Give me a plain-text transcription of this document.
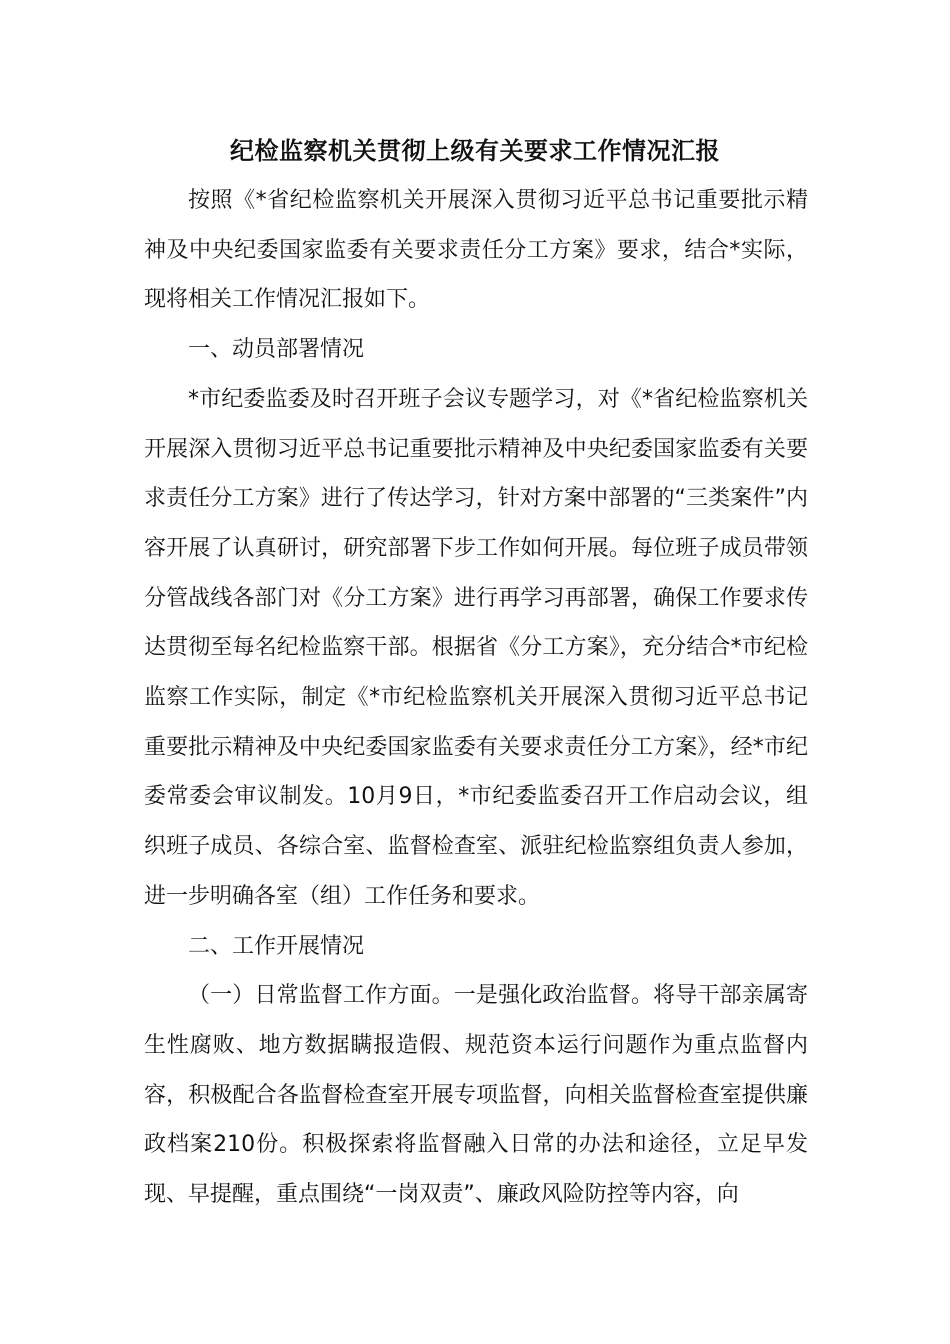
纪检监察机关贯彻上级有关要求工作情况汇报

按照《*省纪检监察机关开展深入贯彻习近平总书记重要批示精神及中央纪委国家监委有关要求责任分工方案》要求，结合*实际，现将相关工作情况汇报如下。

一、动员部署情况

*市纪委监委及时召开班子会议专题学习，对《*省纪检监察机关开展深入贯彻习近平总书记重要批示精神及中央纪委国家监委有关要求责任分工方案》进行了传达学习，针对方案中部署的“三类案件”内容开展了认真研讨，研究部署下步工作如何开展。每位班子成员带领分管战线各部门对《分工方案》进行再学习再部署，确保工作要求传达贯彻至每名纪检监察干部。根据省《分工方案》，充分结合*市纪检监察工作实际，制定《*市纪检监察机关开展深入贯彻习近平总书记重要批示精神及中央纪委国家监委有关要求责任分工方案》，经*市纪委常委会审议制发。10月9日，*市纪委监委召开工作启动会议，组织班子成员、各综合室、监督检查室、派驻纪检监察组负责人参加，进一步明确各室（组）工作任务和要求。

二、工作开展情况

（一）日常监督工作方面。一是强化政治监督。将导干部亲属寄生性腐败、地方数据瞒报造假、规范资本运行问题作为重点监督内容，积极配合各监督检查室开展专项监督，向相关监督检查室提供廉政档案210份。积极探索将监督融入日常的办法和途径，立足早发现、早提醒，重点围绕“一岗双责”、廉政风险防控等内容，向
